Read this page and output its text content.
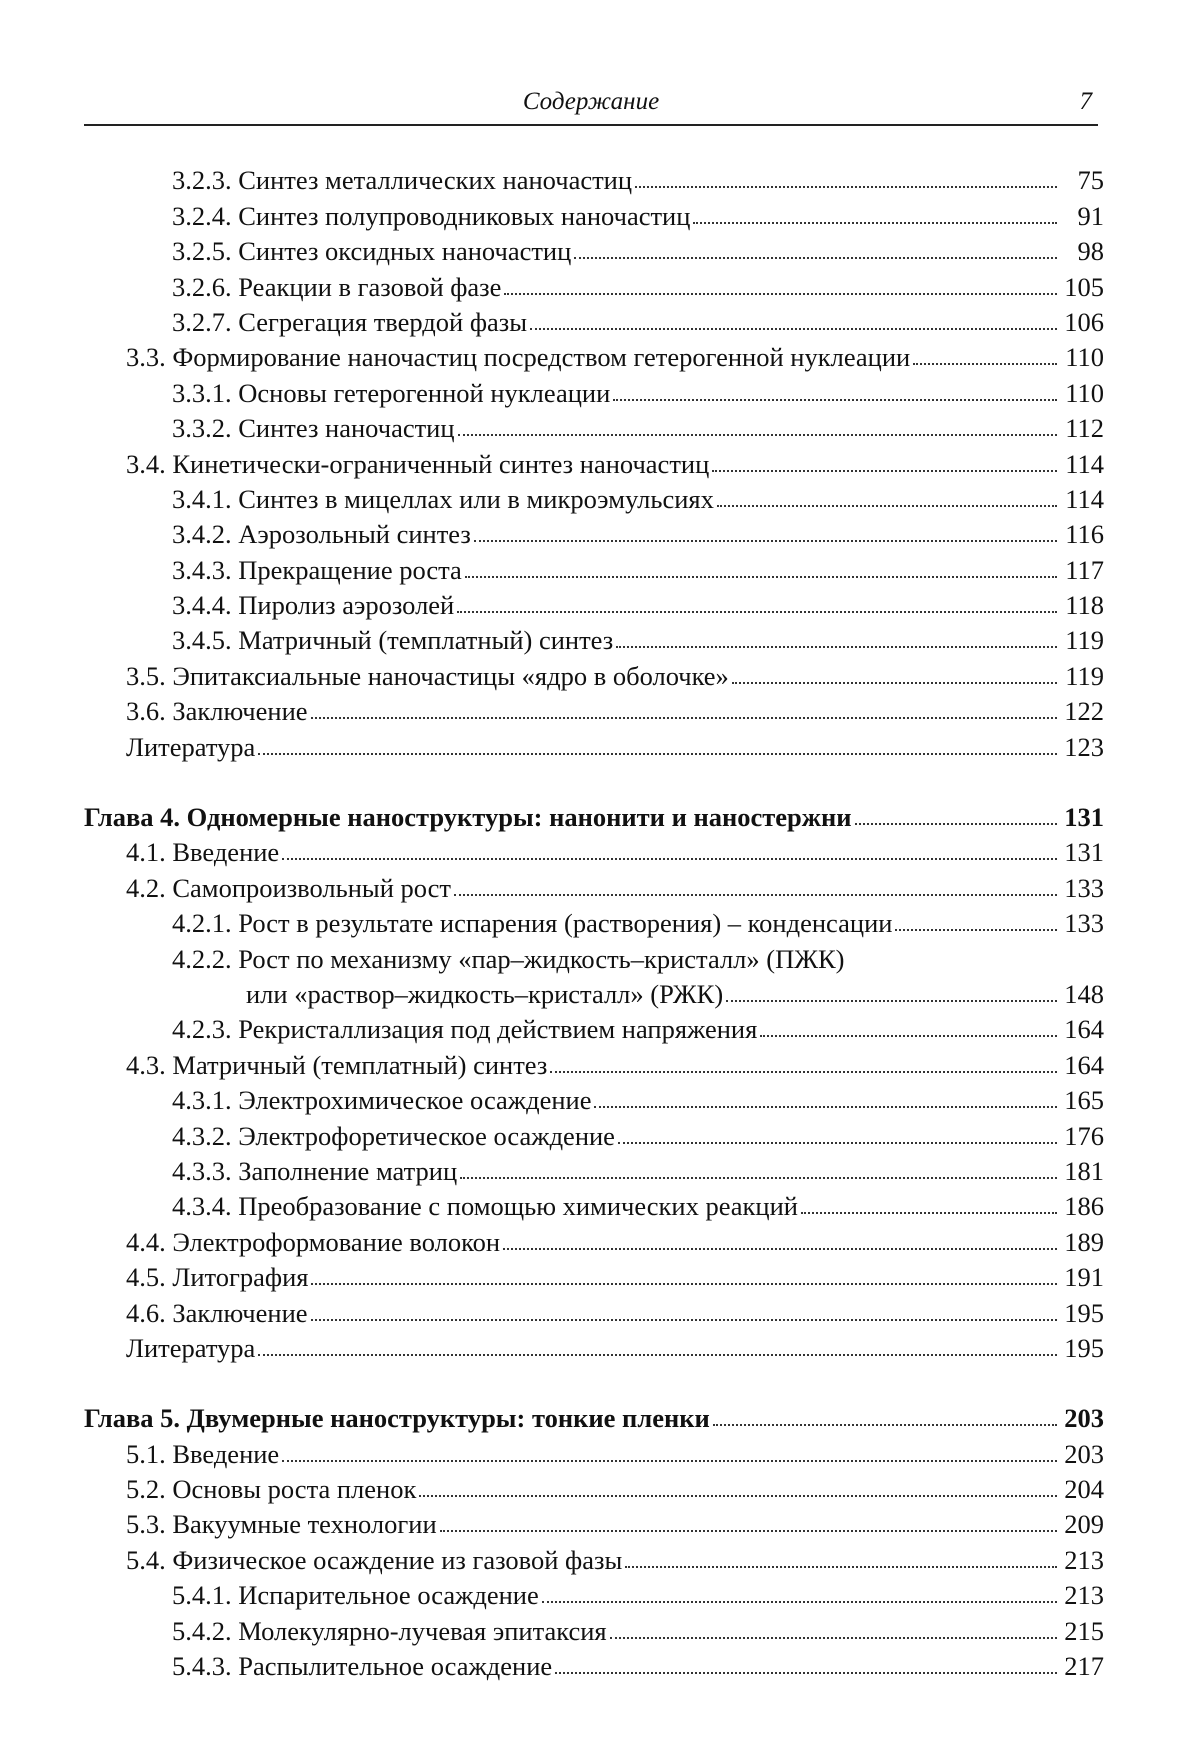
Содержание	7
3.2.3. Синтез металлических наночастиц	75
3.2.4. Синтез полупроводниковых наночастиц	91
3.2.5. Синтез оксидных наночастиц	98
3.2.6. Реакции в газовой фазе	105
3.2.7. Сегрегация твердой фазы	106
3.3. Формирование наночастиц посредством гетерогенной нуклеации	110
3.3.1. Основы гетерогенной нуклеации	110
3.3.2. Синтез наночастиц	112
3.4. Кинетически-ограниченный синтез наночастиц	114
3.4.1. Синтез в мицеллах или в микроэмульсиях	114
3.4.2. Аэрозольный синтез	116
3.4.3. Прекращение роста	117
3.4.4. Пиролиз аэрозолей	118
3.4.5. Матричный (темплатный) синтез	119
3.5. Эпитаксиальные наночастицы «ядро в оболочке»	119
3.6. Заключение	122
Литература	123
Глава 4. Одномерные наноструктуры: нанонити и наностержни	131
4.1. Введение	131
4.2. Самопроизвольный рост	133
4.2.1. Рост в результате испарения (растворения) – конденсации	133
4.2.2. Рост по механизму «пар–жидкость–кристалл» (ПЖК)
или «раствор–жидкость–кристалл» (РЖК)	148
4.2.3. Рекристаллизация под действием напряжения	164
4.3. Матричный (темплатный) синтез	164
4.3.1. Электрохимическое осаждение	165
4.3.2. Электрофоретическое осаждение	176
4.3.3. Заполнение матриц	181
4.3.4. Преобразование с помощью химических реакций	186
4.4. Электроформование волокон	189
4.5. Литография	191
4.6. Заключение	195
Литература	195
Глава 5. Двумерные наноструктуры: тонкие пленки	203
5.1. Введение	203
5.2. Основы роста пленок	204
5.3. Вакуумные технологии	209
5.4. Физическое осаждение из газовой фазы	213
5.4.1. Испарительное осаждение	213
5.4.2. Молекулярно-лучевая эпитаксия	215
5.4.3. Распылительное осаждение	217
